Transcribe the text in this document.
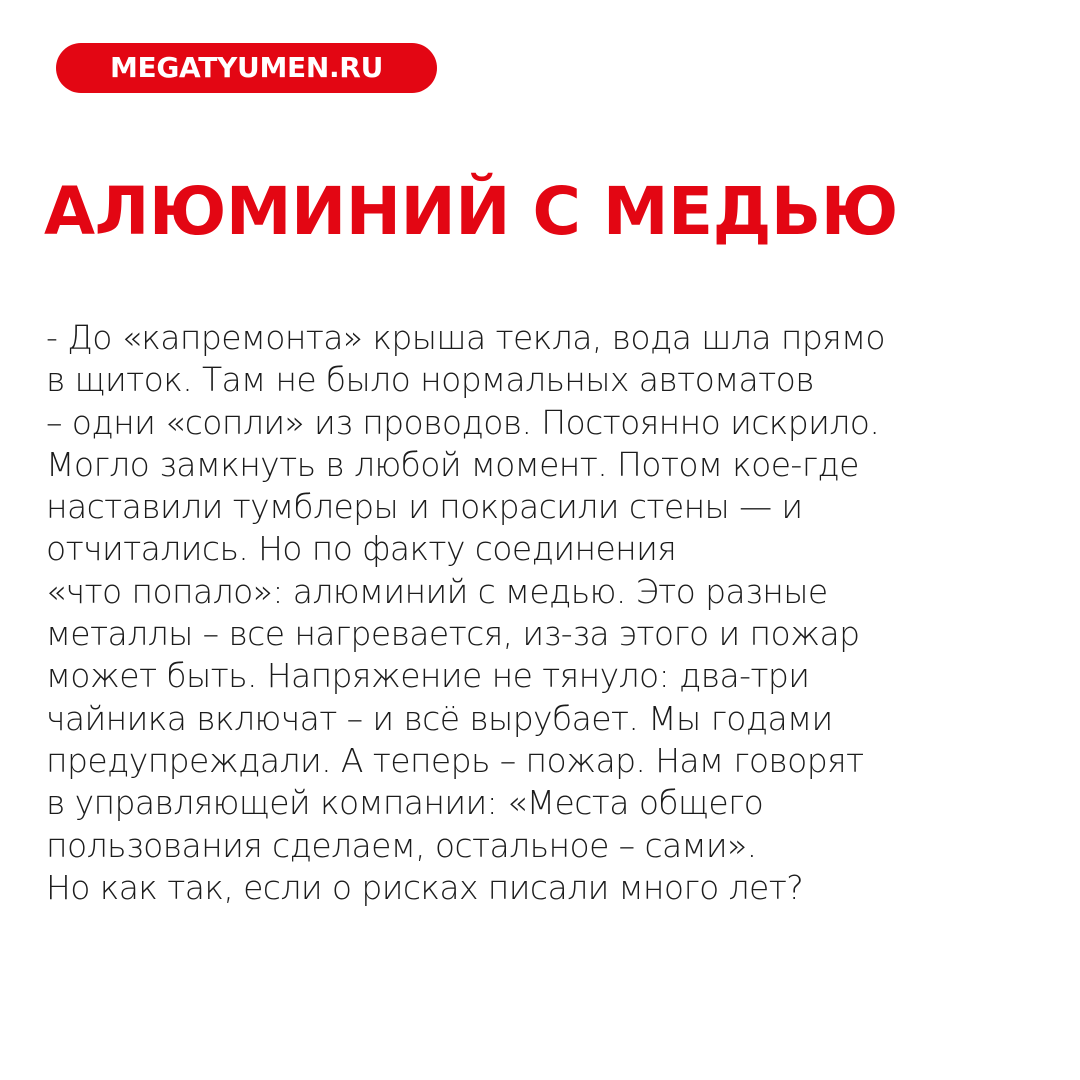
MEGATYUMEN.RU
АЛЮМИНИЙ С МЕДЬЮ
- До «капремонта» крыша текла, вода шла прямо
в щиток. Там не было нормальных автоматов
– одни «сопли» из проводов. Постоянно искрило.
Могло замкнуть в любой момент. Потом кое-где
наставили тумблеры и покрасили стены — и
отчитались. Но по факту соединения
«что попало»: алюминий с медью. Это разные
металлы – все нагревается, из-за этого и пожар
может быть. Напряжение не тянуло: два-три
чайника включат – и всё вырубает. Мы годами
предупреждали. А теперь – пожар. Нам говорят
в управляющей компании: «Места общего
пользования сделаем, остальное – сами».
Но как так, если о рисках писали много лет?
